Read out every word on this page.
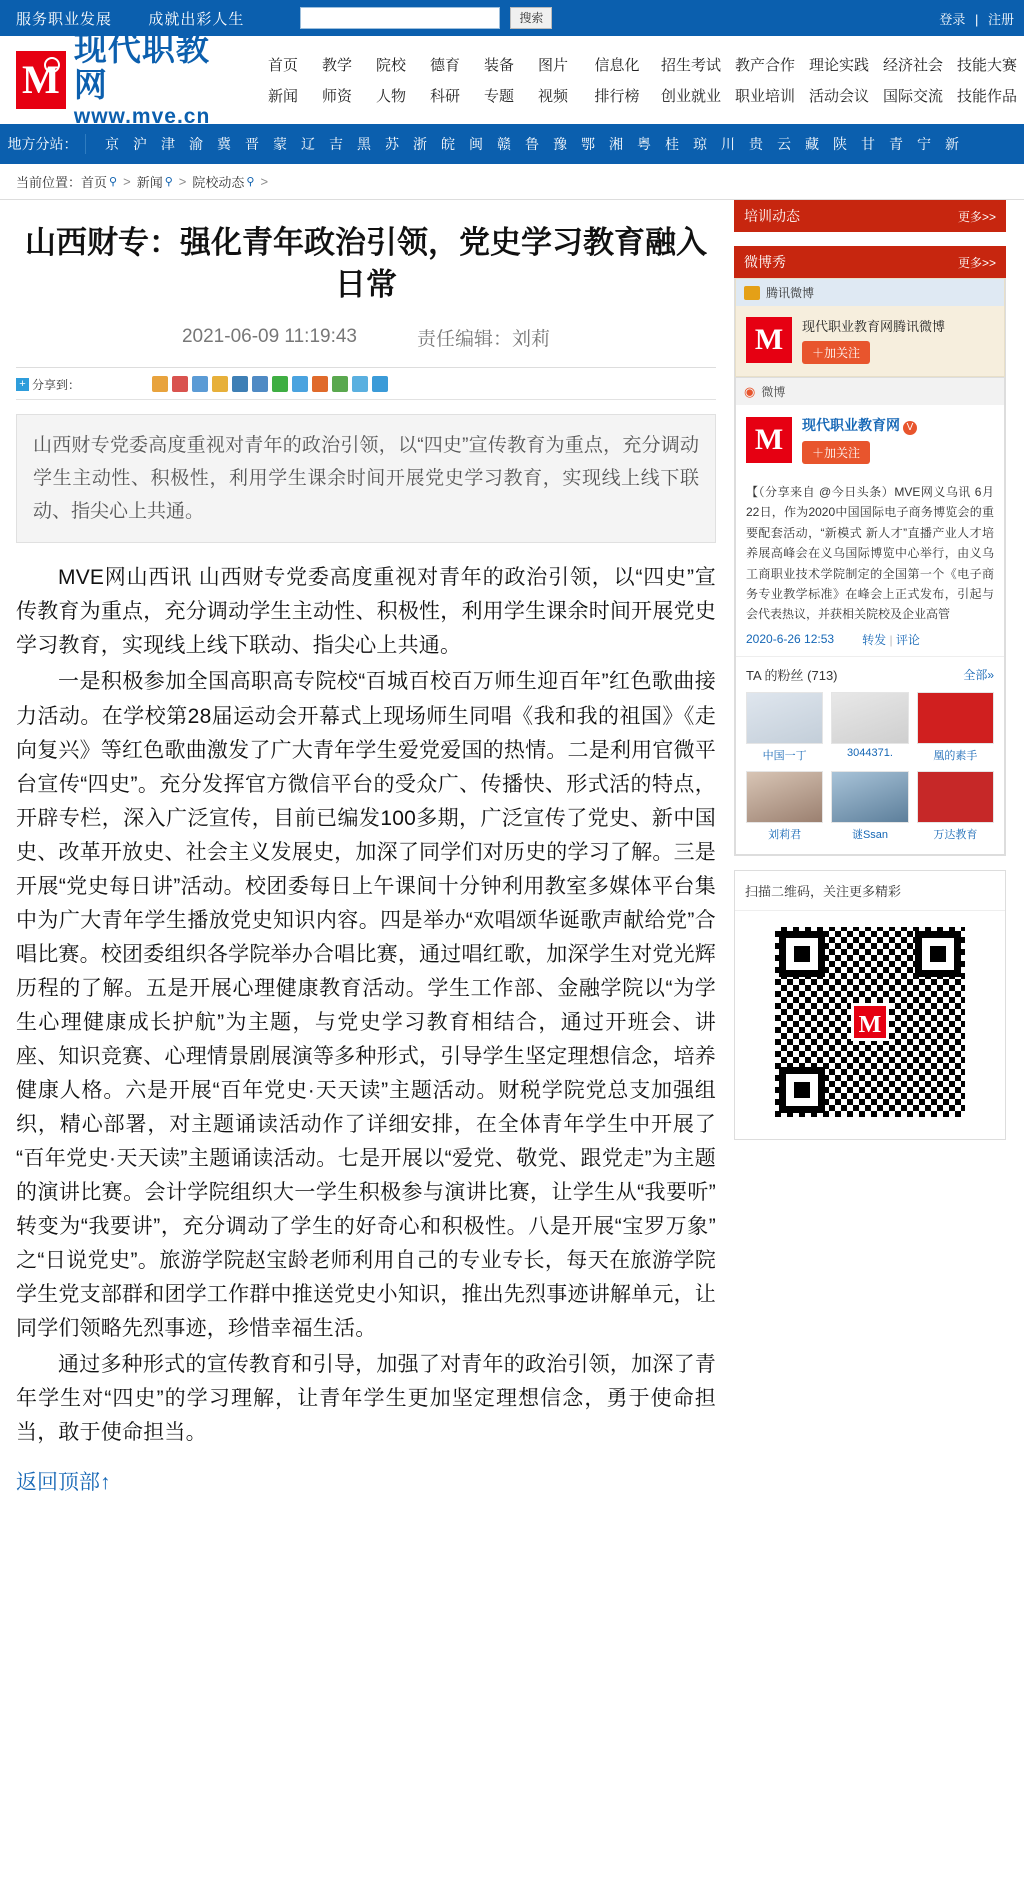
服务职业发展 成就出彩人生	搜索	登录 | 注册
M
现代职教网
www.mve.cn
首页	教学	院校	德育	装备	图片	信息化	招生考试 教产合作 理论实践 经济社会 技能大赛
新闻	师资	人物	科研	专题	视频	排行榜	创业就业 职业培训 活动会议 国际交流 技能作品
地方分站：	京	沪	津	渝	冀	晋	蒙	辽	吉	黑	苏	浙	皖	闽	赣	鲁	豫	鄂	湘	粤	桂	琼	川	贵	云	藏	陕	甘	青	宁	新
当前位置： 首页 ⚲ > 新闻 ⚲ > 院校动态 ⚲ >
山西财专：强化青年政治引领，党史学习教育融入日常
2021-06-09 11:19:43	责任编辑：刘莉
+ 分享到：
山西财专党委高度重视对青年的政治引领，以“四史”宣传教育为重点，充分调动学生主动性、积极性，利用学生课余时间开展党史学习教育，实现线上线下联动、指尖心上共通。

MVE网山西讯 山西财专党委高度重视对青年的政治引领，以“四史”宣传教育为重点，充分调动学生主动性、积极性，利用学生课余时间开展党史学习教育，实现线上线下联动、指尖心上共通。

一是积极参加全国高职高专院校“百城百校百万师生迎百年”红色歌曲接力活动。在学校第28届运动会开幕式上现场师生同唱《我和我的祖国》《走向复兴》等红色歌曲激发了广大青年学生爱党爱国的热情。二是利用官微平台宣传“四史”。充分发挥官方微信平台的受众广、传播快、形式活的特点，开辟专栏，深入广泛宣传，目前已编发100多期，广泛宣传了党史、新中国史、改革开放史、社会主义发展史，加深了同学们对历史的学习了解。三是开展“党史每日讲”活动。校团委每日上午课间十分钟利用教室多媒体平台集中为广大青年学生播放党史知识内容。四是举办“欢唱颂华诞歌声献给党”合唱比赛。校团委组织各学院举办合唱比赛，通过唱红歌，加深学生对党光辉历程的了解。五是开展心理健康教育活动。学生工作部、金融学院以“为学生心理健康成长护航”为主题，与党史学习教育相结合，通过开班会、讲座、知识竞赛、心理情景剧展演等多种形式，引导学生坚定理想信念，培养健康人格。六是开展“百年党史·天天读”主题活动。财税学院党总支加强组织，精心部署，对主题诵读活动作了详细安排，在全体青年学生中开展了“百年党史·天天读”主题诵读活动。七是开展以“爱党、敬党、跟党走”为主题的演讲比赛。会计学院组织大一学生积极参与演讲比赛，让学生从“我要听”转变为“我要讲”，充分调动了学生的好奇心和积极性。八是开展“宝罗万象”之“日说党史”。旅游学院赵宝龄老师利用自己的专业专长，每天在旅游学院学生党支部群和团学工作群中推送党史小知识，推出先烈事迹讲解单元，让同学们领略先烈事迹，珍惜幸福生活。

通过多种形式的宣传教育和引导，加强了对青年的政治引领，加深了青年学生对“四史”的学习理解，让青年学生更加坚定理想信念，勇于使命担当，敢于使命担当。

返回顶部↑
培训动态	更多>>
微博秀	更多>>
腾讯微博
M	现代职业教育网腾讯微博
＋加关注
◉ 微博
M	现代职业教育网 V
＋加关注
【（分享来自 @今日头条）MVE网义乌讯 6月22日，作为2020中国国际电子商务博览会的重要配套活动，“新模式 新人才”直播产业人才培养展高峰会在义乌国际博览中心举行，由义乌工商职业技术学院制定的全国第一个《电子商务专业教学标准》在峰会上正式发布，引起与会代表热议，并获相关院校及企业高管
2020-6-26 12:53 转发 | 评论
TA 的粉丝 (713)	全部»
中国一丁	3044371.	凰的素手
刘莉君	谜Ssan	万达教育
扫描二维码，关注更多精彩
M
